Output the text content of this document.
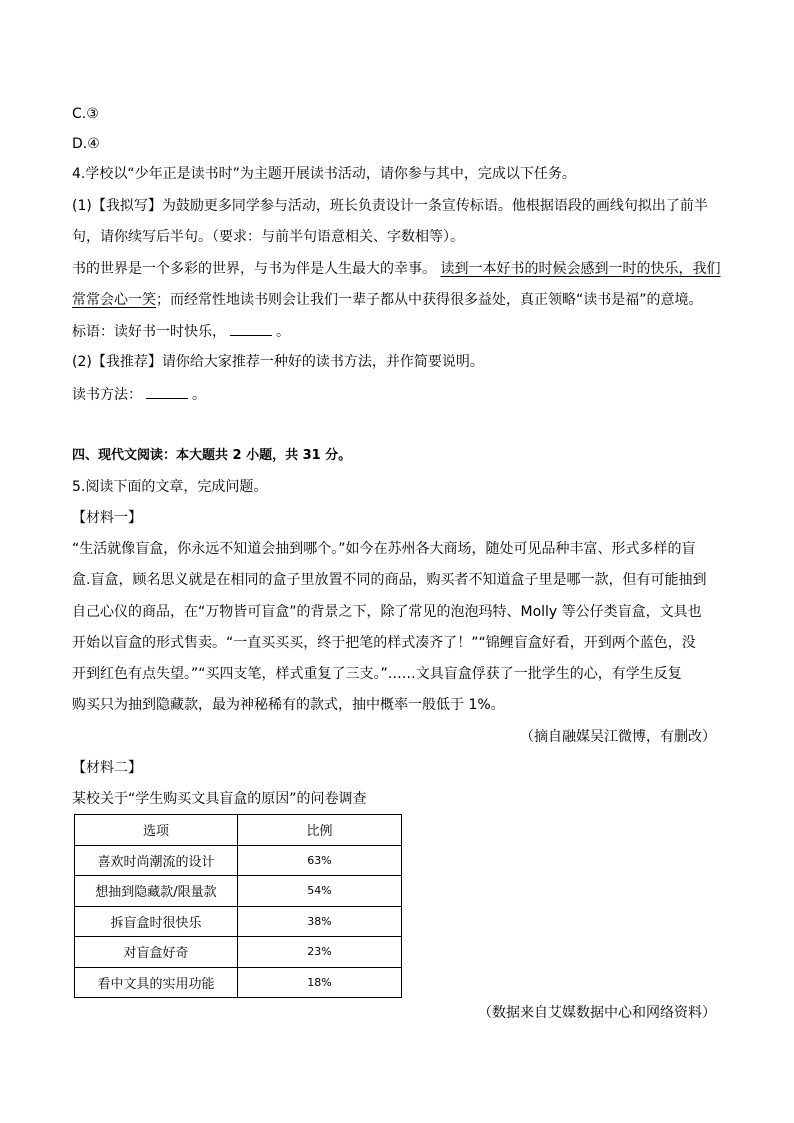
C.③
D.④
4.学校以“少年正是读书时”为主题开展读书活动，请你参与其中，完成以下任务。
(1)【我拟写】为鼓励更多同学参与活动，班长负责设计一条宣传标语。他根据语段的画线句拟出了前半
句，请你续写后半句。（要求：与前半句语意相关、字数相等）。
书的世界是一个多彩的世界，与书为伴是人生最大的幸事。 读到一本好书的时候会感到一时的快乐，我们
常常会心一笑；而经常性地读书则会让我们一辈子都从中获得很多益处，真正领略“读书是福”的意境。
标语：读好书一时快乐，	。
(2)【我推荐】请你给大家推荐一种好的读书方法，并作简要说明。
读书方法：	。
四、现代文阅读：本大题共 2 小题，共 31 分。
5.阅读下面的文章，完成问题。
【材料一】
“生活就像盲盒，你永远不知道会抽到哪个。”如今在苏州各大商场，随处可见品种丰富、形式多样的盲
盒.盲盒，顾名思义就是在相同的盒子里放置不同的商品，购买者不知道盒子里是哪一款，但有可能抽到
自己心仪的商品，在“万物皆可盲盒”的背景之下，除了常见的泡泡玛特、Molly 等公仔类盲盒，文具也
开始以盲盒的形式售卖。“一直买买买，终于把笔的样式凑齐了！”“锦鲤盲盒好看，开到两个蓝色，没
开到红色有点失望。”“买四支笔，样式重复了三支。”……文具盲盒俘获了一批学生的心，有学生反复
购买只为抽到隐藏款，最为神秘稀有的款式，抽中概率一般低于 1%。
（摘自融媒吴江微博，有删改）
【材料二】
某校关于“学生购买文具盲盒的原因”的问卷调查
选项	比例
喜欢时尚潮流的设计	63%
想抽到隐藏款/限量款	54%
拆盲盒时很快乐	38%
对盲盒好奇	23%
看中文具的实用功能	18%
（数据来自艾媒数据中心和网络资料）
